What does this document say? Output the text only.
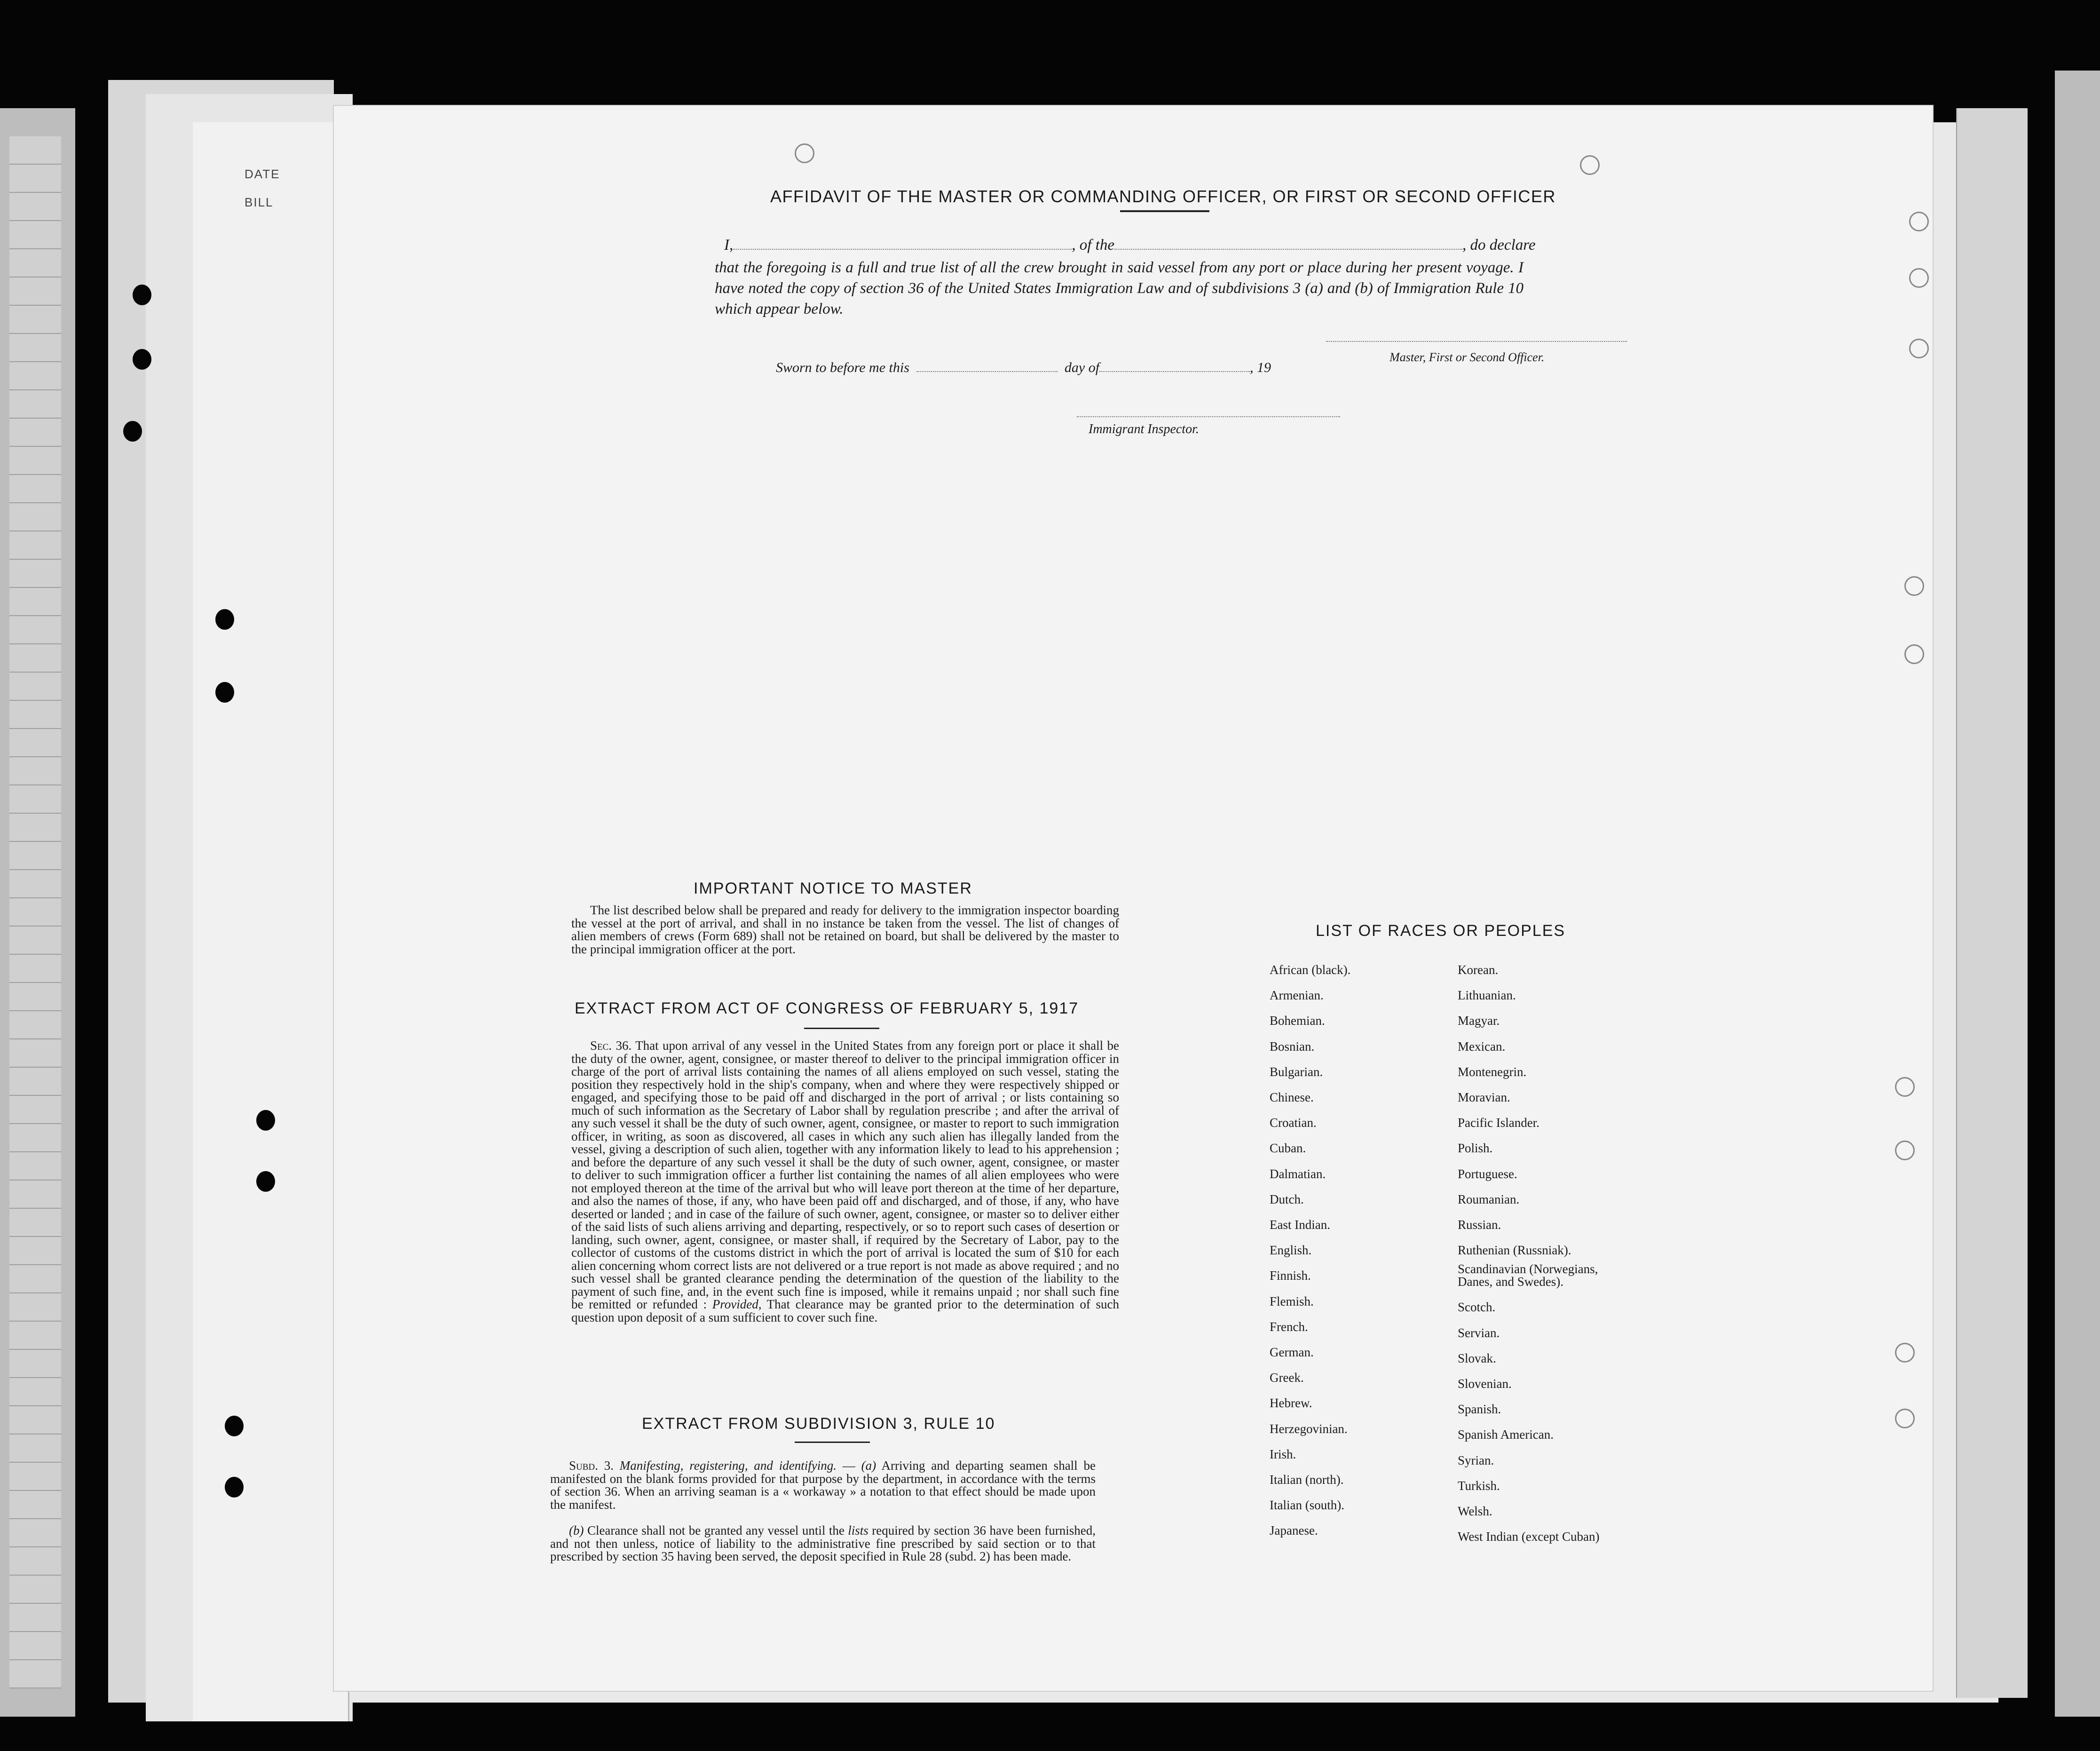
DATE
BILL	AFFIDAVIT OF THE MASTER OR COMMANDING OFFICER, OR FIRST OR SECOND OFFICER
I,	, of the	, do declare
that the foregoing is a full and true list of all the crew brought in said vessel from any port or place during her present voyage. I have noted the copy of section 36 of the United States Immigration Law and of subdivisions 3 (a) and (b) of Immigration Rule 10 which appear below.
Master, First or Second Officer.
Sworn to before me this	day of	, 19
Immigrant Inspector.
IMPORTANT NOTICE TO MASTER
The list described below shall be prepared and ready for delivery to the immigration inspector boarding the vessel at the port of arrival, and shall in no instance be taken from the vessel. The list of changes of alien members of crews (Form 689) shall not be retained on board, but shall be delivered by the master to the principal immigration officer at the port.
EXTRACT FROM ACT OF CONGRESS OF FEBRUARY 5, 1917
Sec. 36. That upon arrival of any vessel in the United States from any foreign port or place it shall be the duty of the owner, agent, consignee, or master thereof to deliver to the principal immigration officer in charge of the port of arrival lists containing the names of all aliens employed on such vessel, stating the position they respectively hold in the ship's company, when and where they were respectively shipped or engaged, and specifying those to be paid off and discharged in the port of arrival ; or lists containing so much of such information as the Secretary of Labor shall by regulation prescribe ; and after the arrival of any such vessel it shall be the duty of such owner, agent, consignee, or master to report to such immigration officer, in writing, as soon as discovered, all cases in which any such alien has illegally landed from the vessel, giving a description of such alien, together with any information likely to lead to his apprehension ; and before the departure of any such vessel it shall be the duty of such owner, agent, consignee, or master to deliver to such immigration officer a further list containing the names of all alien employees who were not employed thereon at the time of the arrival but who will leave port thereon at the time of her departure, and also the names of those, if any, who have been paid off and discharged, and of those, if any, who have deserted or landed ; and in case of the failure of such owner, agent, consignee, or master so to deliver either of the said lists of such aliens arriving and departing, respectively, or so to report such cases of desertion or landing, such owner, agent, consignee, or master shall, if required by the Secretary of Labor, pay to the collector of customs of the customs district in which the port of arrival is located the sum of $10 for each alien concerning whom correct lists are not delivered or a true report is not made as above required ; and no such vessel shall be granted clearance pending the determination of the question of the liability to the payment of such fine, and, in the event such fine is imposed, while it remains unpaid ; nor shall such fine be remitted or refunded : Provided, That clearance may be granted prior to the determination of such question upon deposit of a sum sufficient to cover such fine.
EXTRACT FROM SUBDIVISION 3, RULE 10
Subd. 3. Manifesting, registering, and identifying. — (a) Arriving and departing seamen shall be manifested on the blank forms provided for that purpose by the department, in accordance with the terms of section 36. When an arriving seaman is a « workaway » a notation to that effect should be made upon the manifest.
(b) Clearance shall not be granted any vessel until the lists required by section 36 have been furnished, and not then unless, notice of liability to the administrative fine prescribed by said section or to that prescribed by section 35 having been served, the deposit specified in Rule 28 (subd. 2) has been made.
LIST OF RACES OR PEOPLES
African (black).
Armenian.
Bohemian.
Bosnian.
Bulgarian.
Chinese.
Croatian.
Cuban.
Dalmatian.
Dutch.
East Indian.
English.
Finnish.
Flemish.
French.
German.
Greek.
Hebrew.
Herzegovinian.
Irish.
Italian (north).
Italian (south).
Japanese.
Korean.
Lithuanian.
Magyar.
Mexican.
Montenegrin.
Moravian.
Pacific Islander.
Polish.
Portuguese.
Roumanian.
Russian.
Ruthenian (Russniak).
Scandinavian (Norwegians, Danes, and Swedes).
Scotch.
Servian.
Slovak.
Slovenian.
Spanish.
Spanish American.
Syrian.
Turkish.
Welsh.
West Indian (except Cuban)
